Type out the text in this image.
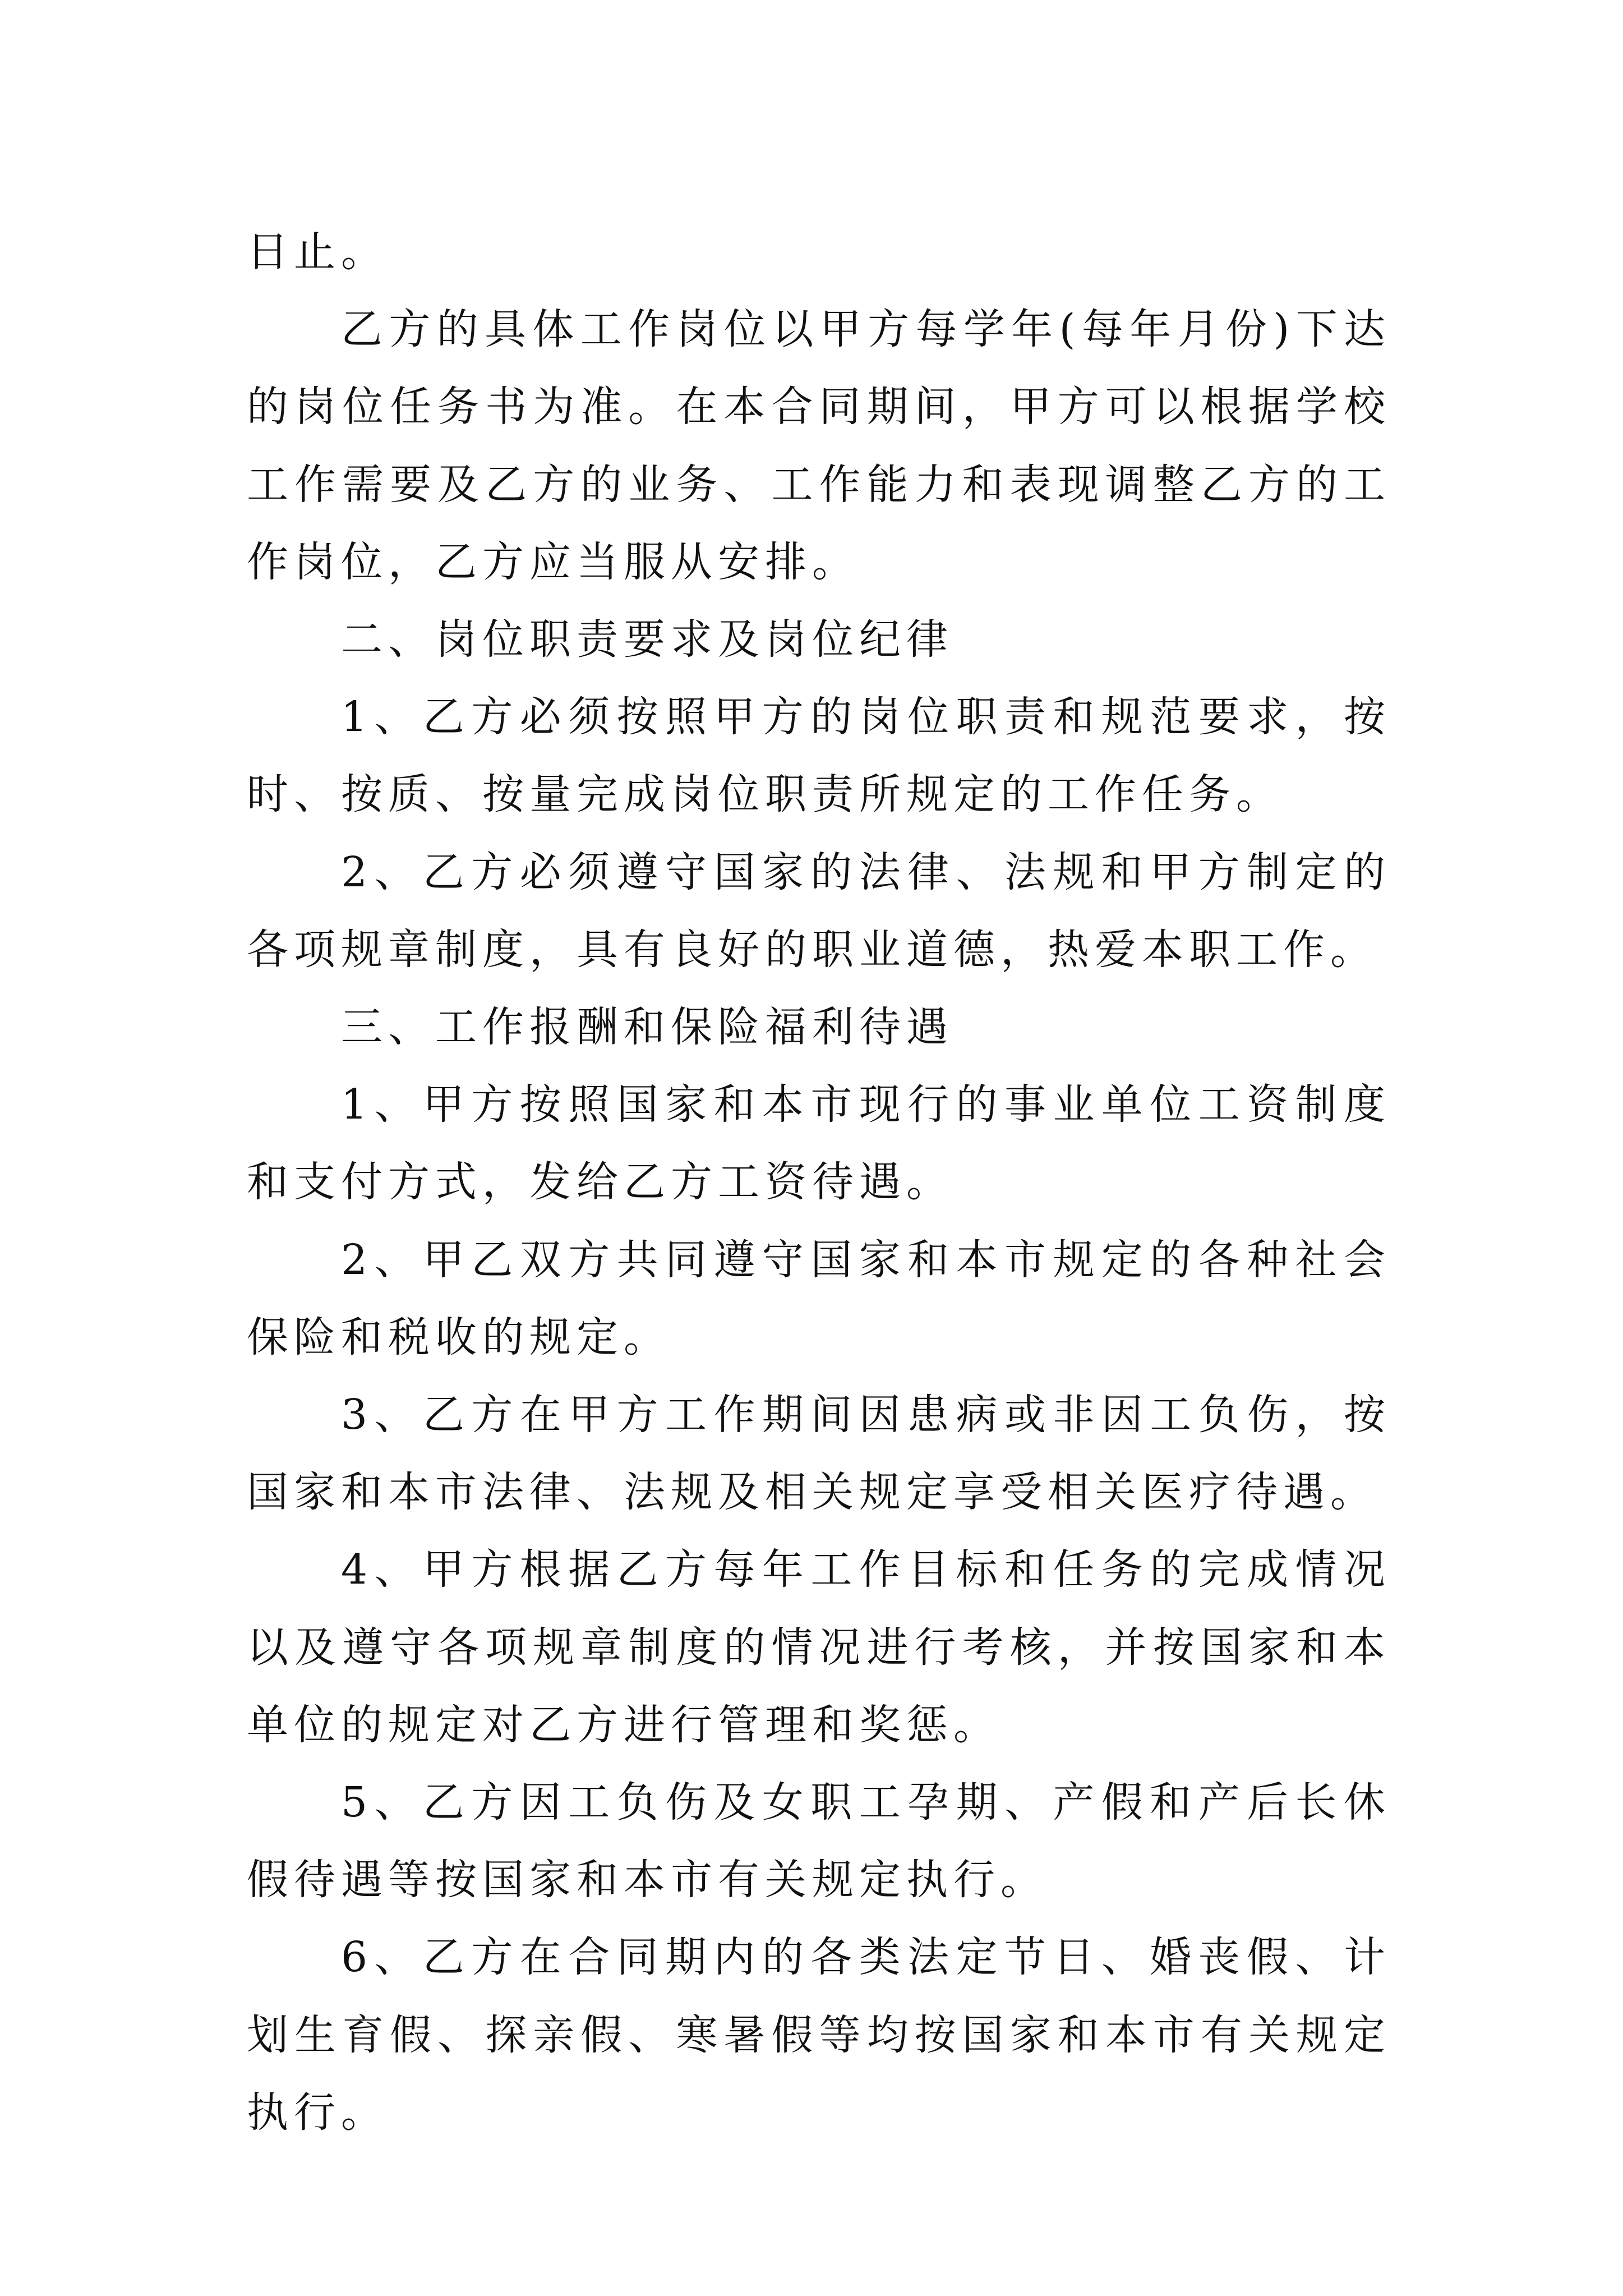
日止。

乙方的具体工作岗位以甲方每学年(每年月份)下达的岗位任务书为准。在本合同期间，甲方可以根据学校工作需要及乙方的业务、工作能力和表现调整乙方的工作岗位，乙方应当服从安排。

二、岗位职责要求及岗位纪律

1、乙方必须按照甲方的岗位职责和规范要求，按时、按质、按量完成岗位职责所规定的工作任务。

2、乙方必须遵守国家的法律、法规和甲方制定的各项规章制度，具有良好的职业道德，热爱本职工作。

三、工作报酬和保险福利待遇

1、甲方按照国家和本市现行的事业单位工资制度和支付方式，发给乙方工资待遇。

2、甲乙双方共同遵守国家和本市规定的各种社会保险和税收的规定。

3、乙方在甲方工作期间因患病或非因工负伤，按国家和本市法律、法规及相关规定享受相关医疗待遇。

4、甲方根据乙方每年工作目标和任务的完成情况以及遵守各项规章制度的情况进行考核，并按国家和本单位的规定对乙方进行管理和奖惩。

5、乙方因工负伤及女职工孕期、产假和产后长休假待遇等按国家和本市有关规定执行。

6、乙方在合同期内的各类法定节日、婚丧假、计划生育假、探亲假、寒暑假等均按国家和本市有关规定执行。
